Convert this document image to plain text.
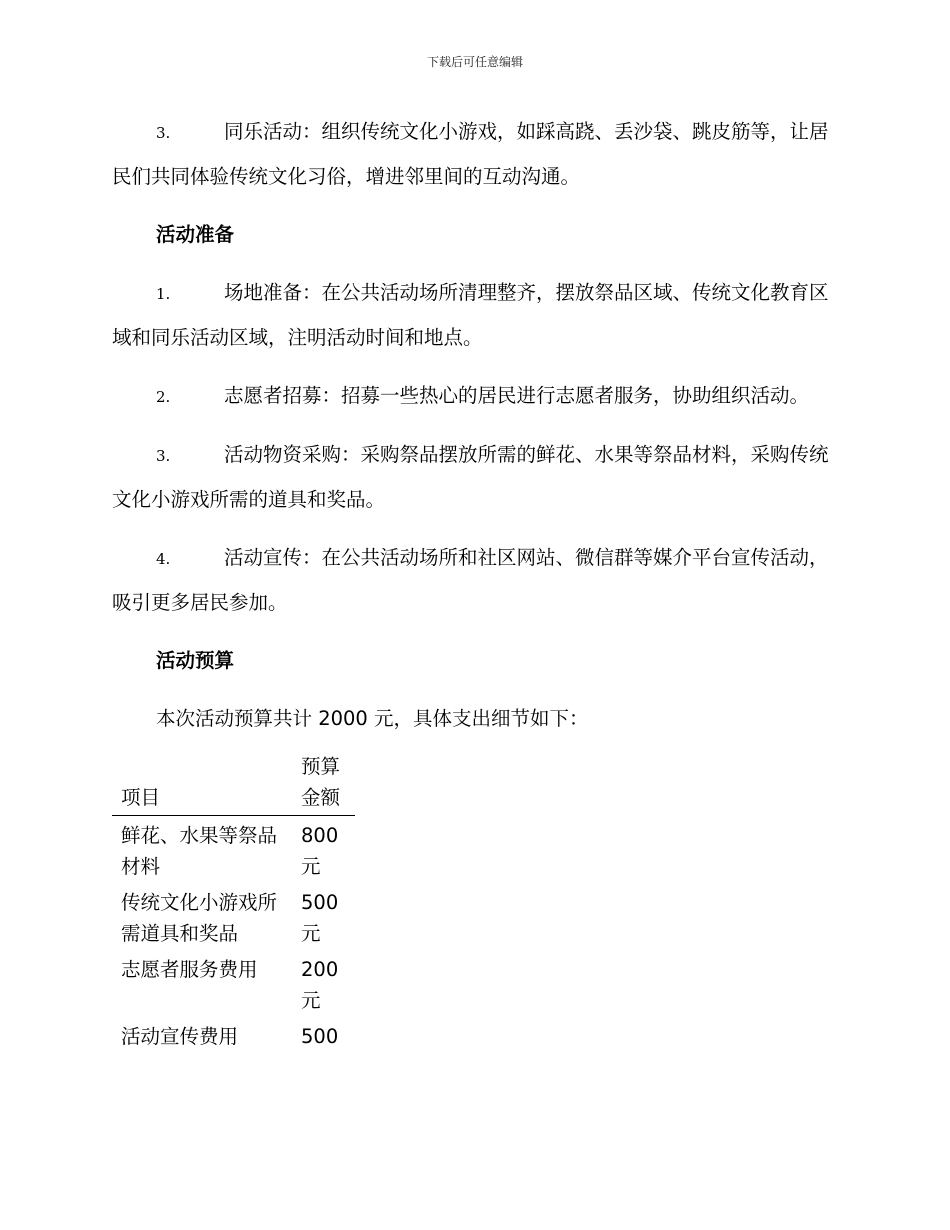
下载后可任意编辑

3.	同乐活动：组织传统文化小游戏，如踩高跷、丢沙袋、跳皮筋等，让居民们共同体验传统文化习俗，增进邻里间的互动沟通。

活动准备

1.	场地准备：在公共活动场所清理整齐，摆放祭品区域、传统文化教育区域和同乐活动区域，注明活动时间和地点。

2.	志愿者招募：招募一些热心的居民进行志愿者服务，协助组织活动。

3.	活动物资采购：采购祭品摆放所需的鲜花、水果等祭品材料，采购传统文化小游戏所需的道具和奖品。

4.	活动宣传：在公共活动场所和社区网站、微信群等媒介平台宣传活动，吸引更多居民参加。

活动预算

本次活动预算共计 2000 元，具体支出细节如下：

项目	预算金额
鲜花、水果等祭品材料	800 元
传统文化小游戏所需道具和奖品	500 元
志愿者服务费用	200 元
活动宣传费用	500
